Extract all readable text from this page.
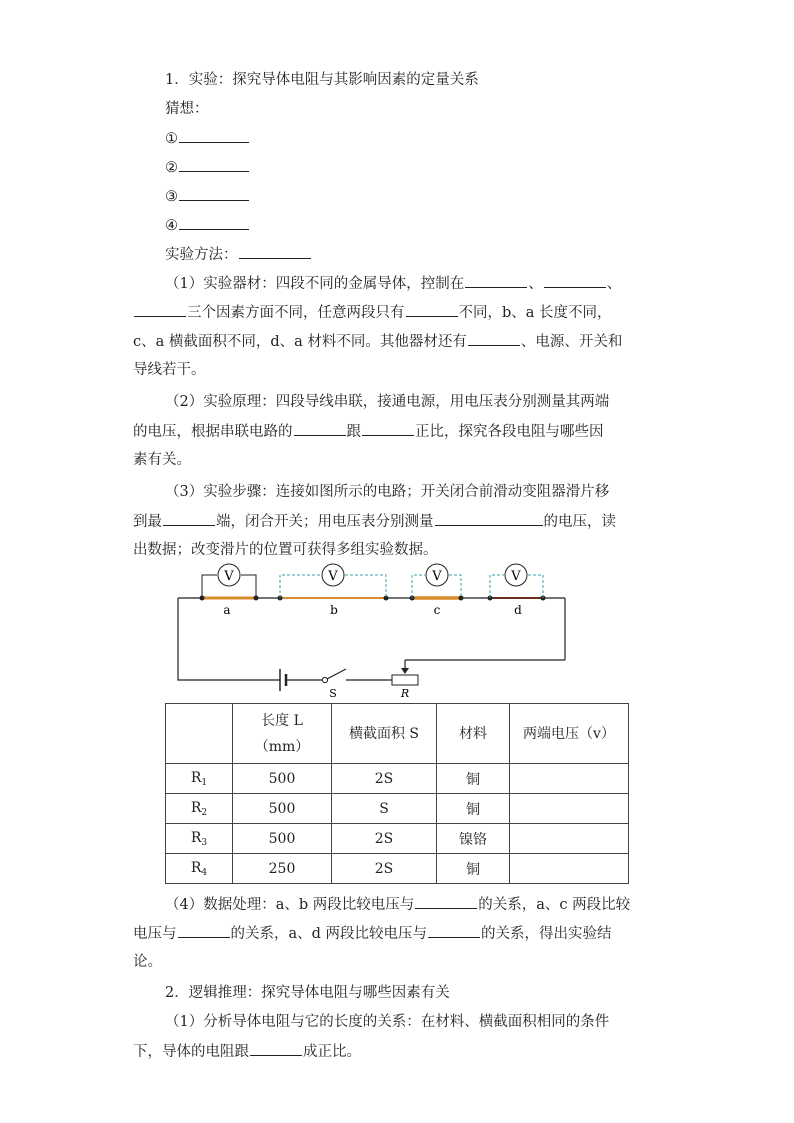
1．实验：探究导体电阻与其影响因素的定量关系
猜想：
①
②
③
④
实验方法：
（1）实验器材：四段不同的金属导体，控制在	、	、
三个因素方面不同，任意两段只有	不同，b、a 长度不同，
c、a 横截面积不同，d、a 材料不同。其他器材还有	、电源、开关和
导线若干。
（2）实验原理：四段导线串联，接通电源，用电压表分别测量其两端
的电压，根据串联电路的	跟	正比，探究各段电阻与哪些因
素有关。
（3）实验步骤：连接如图所示的电路；开关闭合前滑动变阻器滑片移
到最	端，闭合开关；用电压表分别测量	的电压，读
出数据；改变滑片的位置可获得多组实验数据。
V	V	V	V
a	b	c	d
S	R

	长度 L
（mm）	横截面积 S	材料	两端电压（v）
$R_1$	500	2S	铜	
$R_2$	500	S	铜	
$R_3$	500	2S	镍铬	
$R_4$	250	2S	铜	
（4）数据处理：a、b 两段比较电压与	的关系，a、c 两段比较
电压与	的关系，a、d 两段比较电压与	的关系，得出实验结
论。
2．逻辑推理：探究导体电阻与哪些因素有关
（1）分析导体电阻与它的长度的关系：在材料、横截面积相同的条件
下，导体的电阻跟	成正比。
